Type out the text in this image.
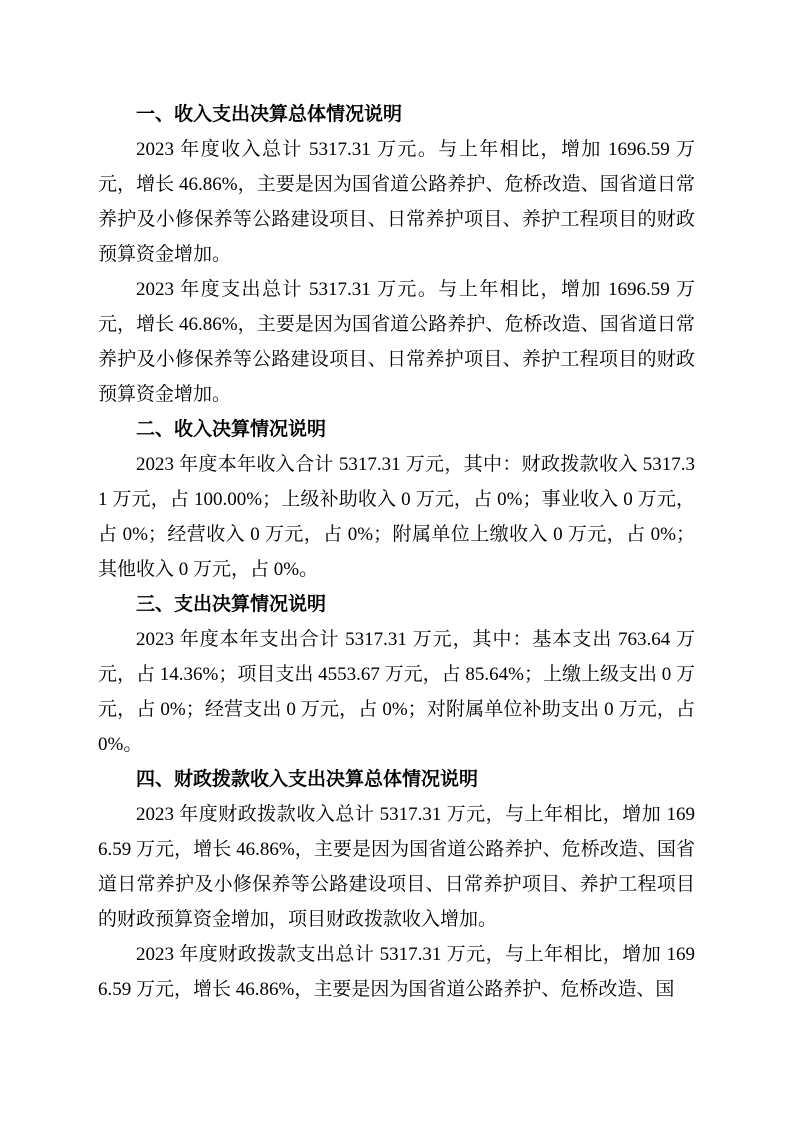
一、收入支出决算总体情况说明

2023 年度收入总计 5317.31 万元。与上年相比，增加 1696.59 万元，增长 46.86%，主要是因为国省道公路养护、危桥改造、国省道日常养护及小修保养等公路建设项目、日常养护项目、养护工程项目的财政预算资金增加。

2023 年度支出总计 5317.31 万元。与上年相比，增加 1696.59 万元，增长 46.86%，主要是因为国省道公路养护、危桥改造、国省道日常养护及小修保养等公路建设项目、日常养护项目、养护工程项目的财政预算资金增加。

二、收入决算情况说明

2023 年度本年收入合计 5317.31 万元，其中：财政拨款收入 5317.31 万元，占 100.00%；上级补助收入 0 万元，占 0%；事业收入 0 万元，占 0%；经营收入 0 万元，占 0%；附属单位上缴收入 0 万元，占 0%；其他收入 0 万元，占 0%。

三、支出决算情况说明

2023 年度本年支出合计 5317.31 万元，其中：基本支出 763.64 万元，占 14.36%；项目支出 4553.67 万元，占 85.64%；上缴上级支出 0 万元，占 0%；经营支出 0 万元，占 0%；对附属单位补助支出 0 万元，占 0%。

四、财政拨款收入支出决算总体情况说明

2023 年度财政拨款收入总计 5317.31 万元，与上年相比，增加 1696.59 万元，增长 46.86%，主要是因为国省道公路养护、危桥改造、国省道日常养护及小修保养等公路建设项目、日常养护项目、养护工程项目的财政预算资金增加，项目财政拨款收入增加。

2023 年度财政拨款支出总计 5317.31 万元，与上年相比，增加 1696.59 万元，增长 46.86%，主要是因为国省道公路养护、危桥改造、国
